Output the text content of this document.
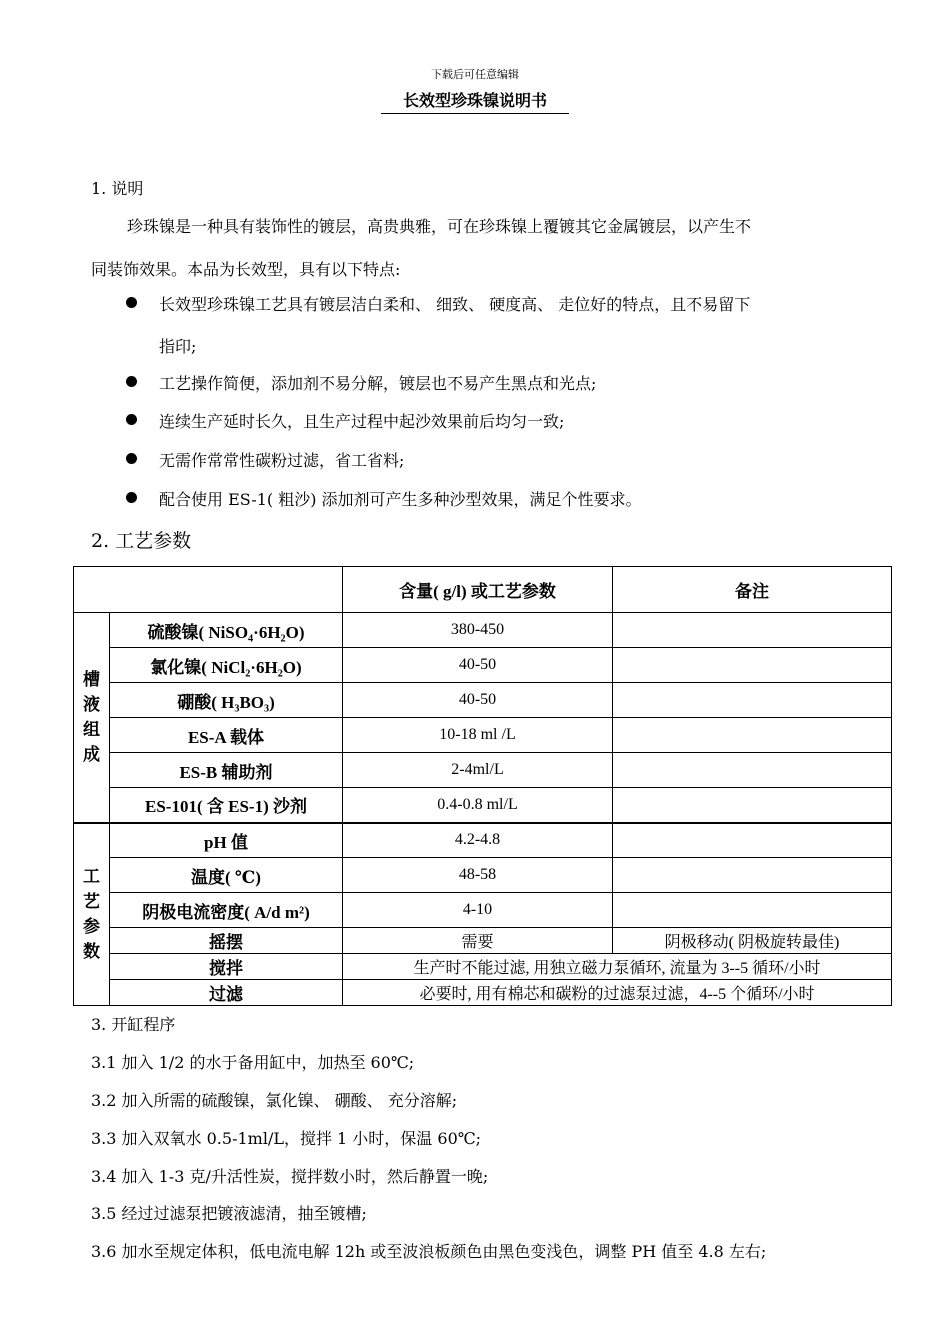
下载后可任意编辑
长效型珍珠镍说明书
1. 说明
珍珠镍是一种具有装饰性的镀层，高贵典雅，可在珍珠镍上覆镀其它金属镀层，以产生不
同装饰效果。本品为长效型，具有以下特点:
长效型珍珠镍工艺具有镀层洁白柔和、 细致、 硬度高、 走位好的特点，且不易留下
指印;
工艺操作简便，添加剂不易分解，镀层也不易产生黑点和光点;
连续生产延时长久，且生产过程中起沙效果前后均匀一致;
无需作常常性碳粉过滤，省工省料;
配合使用 ES-1( 粗沙) 添加剂可产生多种沙型效果，满足个性要求。
2. 工艺参数
		含量( g/l) 或工艺参数	备注
槽液组成	硫酸镍( NiSO₄·6H₂O)	380-450	
	氯化镍( NiCl₂·6H₂O)	40-50	
	硼酸( H₃BO₃)	40-50	
	ES-A 载体	10-18 ml /L	
	ES-B 辅助剂	2-4ml/L	
	ES-101( 含 ES-1) 沙剂	0.4-0.8 ml/L	
工艺参数	pH 值	4.2-4.8	
	温度( ℃)	48-58	
	阴极电流密度( A/d m²)	4-10	
	摇摆	需要	阴极移动( 阴极旋转最佳)
	搅拌	生产时不能过滤, 用独立磁力泵循环, 流量为 3--5 循环/小时	
	过滤	必要时, 用有棉芯和碳粉的过滤泵过滤，4--5 个循环/小时	
3. 开缸程序
3.1 加入 1/2 的水于备用缸中，加热至 60℃;
3.2 加入所需的硫酸镍，氯化镍、 硼酸、 充分溶解;
3.3 加入双氧水 0.5-1ml/L，搅拌 1 小时，保温 60℃;
3.4 加入 1-3 克/升活性炭，搅拌数小时，然后静置一晚;
3.5 经过过滤泵把镀液滤清，抽至镀槽;
3.6 加水至规定体积，低电流电解 12h 或至波浪板颜色由黑色变浅色，调整 PH 值至 4.8 左右;
